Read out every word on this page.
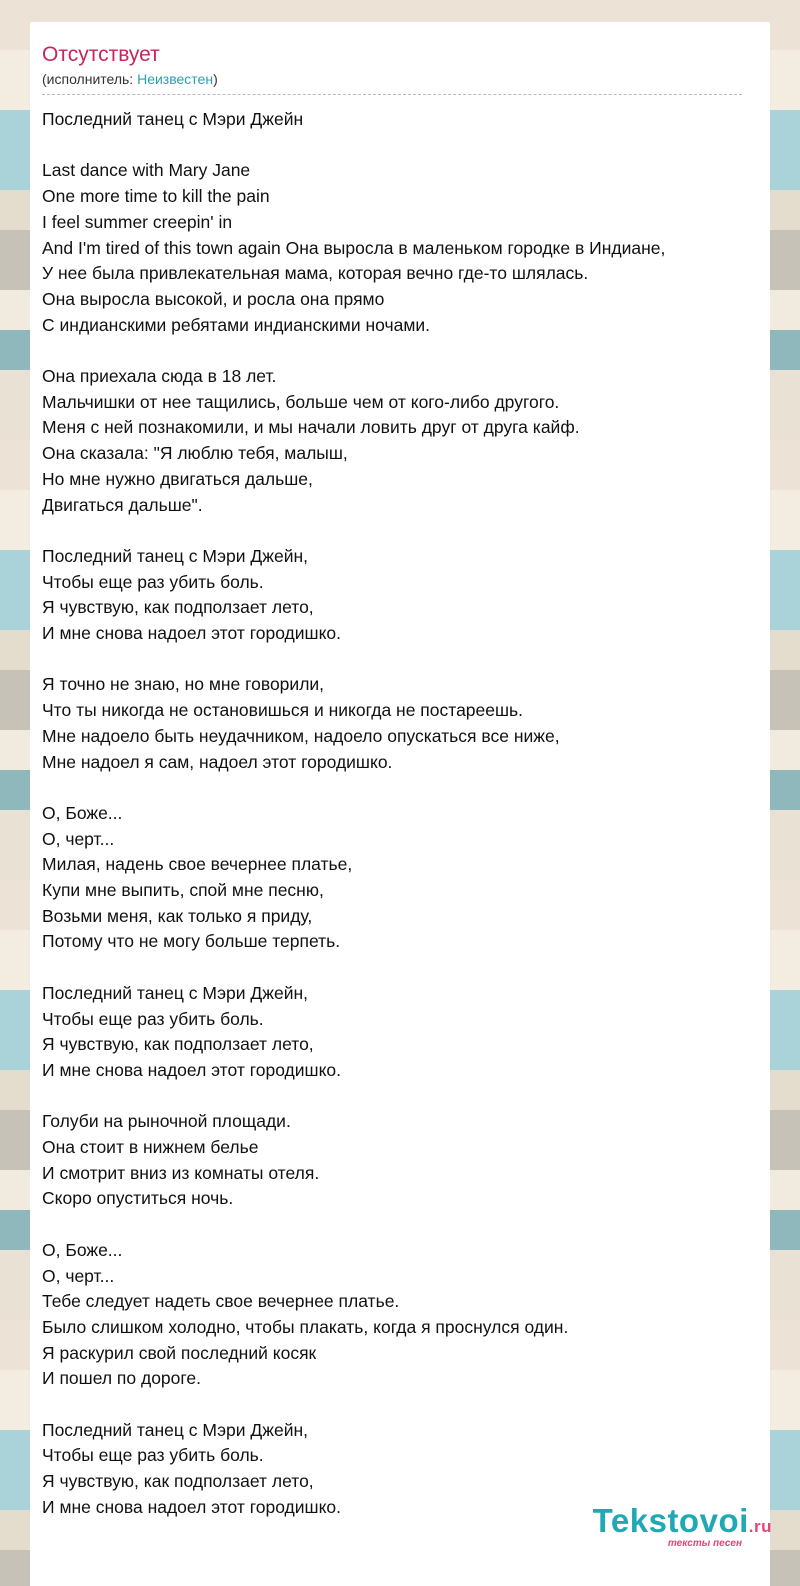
Отсутствует
(исполнитель: Неизвестен)
Последний танец с Мэри Джейн
Last dance with Mary Jane
One more time to kill the pain
I feel summer creepin' in
And I'm tired of this town again Она выросла в маленьком городке в Индиане,
У нее была привлекательная мама, которая вечно где-то шлялась.
Она выросла высокой, и росла она прямо
С индианскими ребятами индианскими ночами.
Она приехала сюда в 18 лет.
Мальчишки от нее тащились, больше чем от кого-либо другого.
Меня с ней познакомили, и мы начали ловить друг от друга кайф.
Она сказала: "Я люблю тебя, малыш,
Но мне нужно двигаться дальше,
Двигаться дальше".
Последний танец с Мэри Джейн,
Чтобы еще раз убить боль.
Я чувствую, как подползает лето,
И мне снова надоел этот городишко.
Я точно не знаю, но мне говорили,
Что ты никогда не остановишься и никогда не постареешь.
Мне надоело быть неудачником, надоело опускаться все ниже,
Мне надоел я сам, надоел этот городишко.
О, Боже...
О, черт...
Милая, надень свое вечернее платье,
Купи мне выпить, спой мне песню,
Возьми меня, как только я приду,
Потому что не могу больше терпеть.
Последний танец с Мэри Джейн,
Чтобы еще раз убить боль.
Я чувствую, как подползает лето,
И мне снова надоел этот городишко.
Голуби на рыночной площади.
Она стоит в нижнем белье
И смотрит вниз из комнаты отеля.
Скоро опуститься ночь.
О, Боже...
О, черт...
Тебе следует надеть свое вечернее платье.
Было слишком холодно, чтобы плакать, когда я проснулся один.
Я раскурил свой последний косяк
И пошел по дороге.
Последний танец с Мэри Джейн,
Чтобы еще раз убить боль.
Я чувствую, как подползает лето,
И мне снова надоел этот городишко.	Tekstovoi.ru
тексты песен
